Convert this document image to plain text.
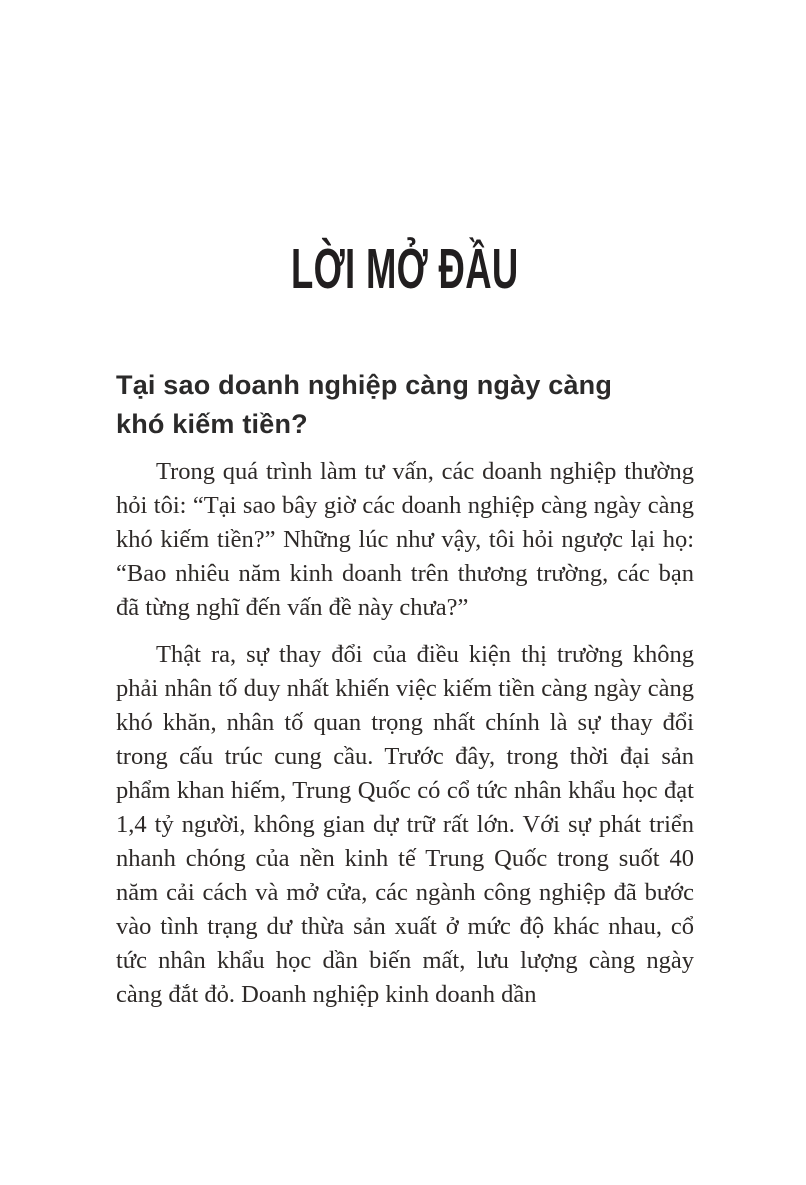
LỜI MỞ ĐẦU
Tại sao doanh nghiệp càng ngày càng khó kiếm tiền?

Trong quá trình làm tư vấn, các doanh nghiệp thường hỏi tôi: “Tại sao bây giờ các doanh nghiệp càng ngày càng khó kiếm tiền?” Những lúc như vậy, tôi hỏi ngược lại họ: “Bao nhiêu năm kinh doanh trên thương trường, các bạn đã từng nghĩ đến vấn đề này chưa?”

Thật ra, sự thay đổi của điều kiện thị trường không phải nhân tố duy nhất khiến việc kiếm tiền càng ngày càng khó khăn, nhân tố quan trọng nhất chính là sự thay đổi trong cấu trúc cung cầu. Trước đây, trong thời đại sản phẩm khan hiếm, Trung Quốc có cổ tức nhân khẩu học đạt 1,4 tỷ người, không gian dự trữ rất lớn. Với sự phát triển nhanh chóng của nền kinh tế Trung Quốc trong suốt 40 năm cải cách và mở cửa, các ngành công nghiệp đã bước vào tình trạng dư thừa sản xuất ở mức độ khác nhau, cổ tức nhân khẩu học dần biến mất, lưu lượng càng ngày càng đắt đỏ. Doanh nghiệp kinh doanh dần
